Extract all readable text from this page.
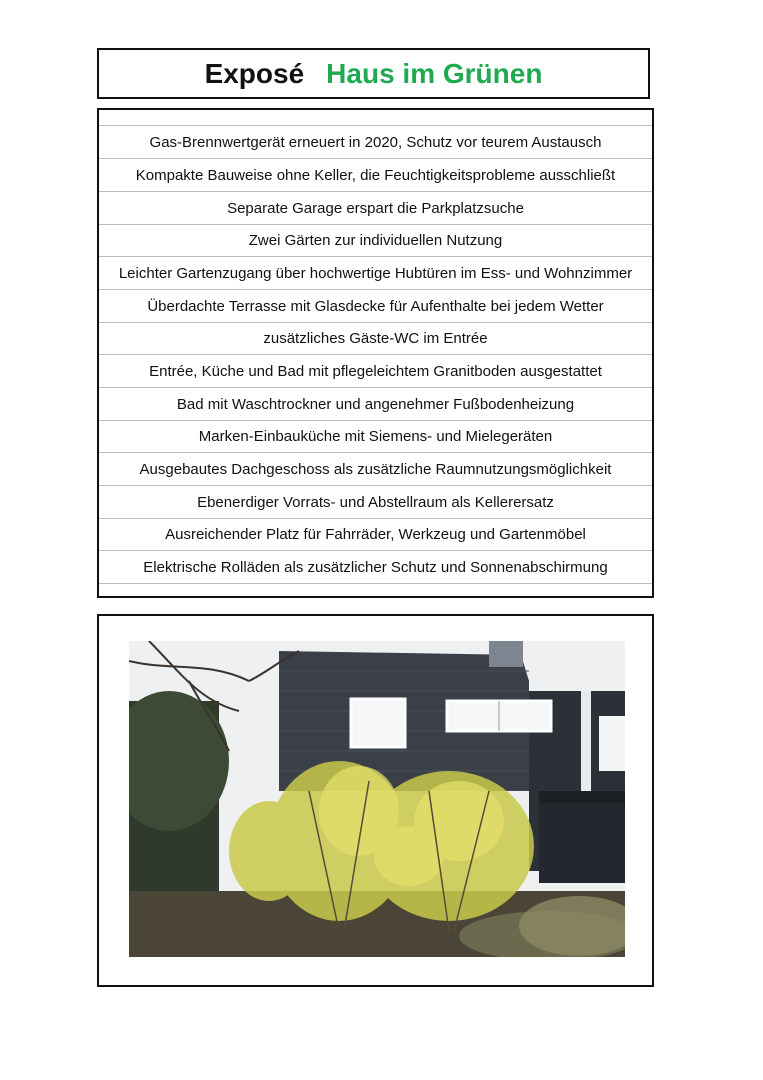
Exposé Haus im Grünen
Gas-Brennwertgerät erneuert in 2020, Schutz vor teurem Austausch
Kompakte Bauweise ohne Keller, die Feuchtigkeitsprobleme ausschließt
Separate Garage erspart die Parkplatzsuche
Zwei Gärten zur individuellen Nutzung
Leichter Gartenzugang über hochwertige Hubtüren im Ess- und Wohnzimmer
Überdachte Terrasse mit Glasdecke für Aufenthalte bei jedem Wetter
zusätzliches Gäste-WC im Entrée
Entrée, Küche und Bad mit pflegeleichtem Granitboden ausgestattet
Bad mit Waschtrockner und angenehmer Fußbodenheizung
Marken-Einbauküche mit Siemens- und Mielegeräten
Ausgebautes Dachgeschoss als zusätzliche Raumnutzungsmöglichkeit
Ebenerdiger Vorrats- und Abstellraum als Kellerersatz
Ausreichender Platz für Fahrräder, Werkzeug und Gartenmöbel
Elektrische Rolläden als zusätzlicher Schutz und Sonnenabschirmung
